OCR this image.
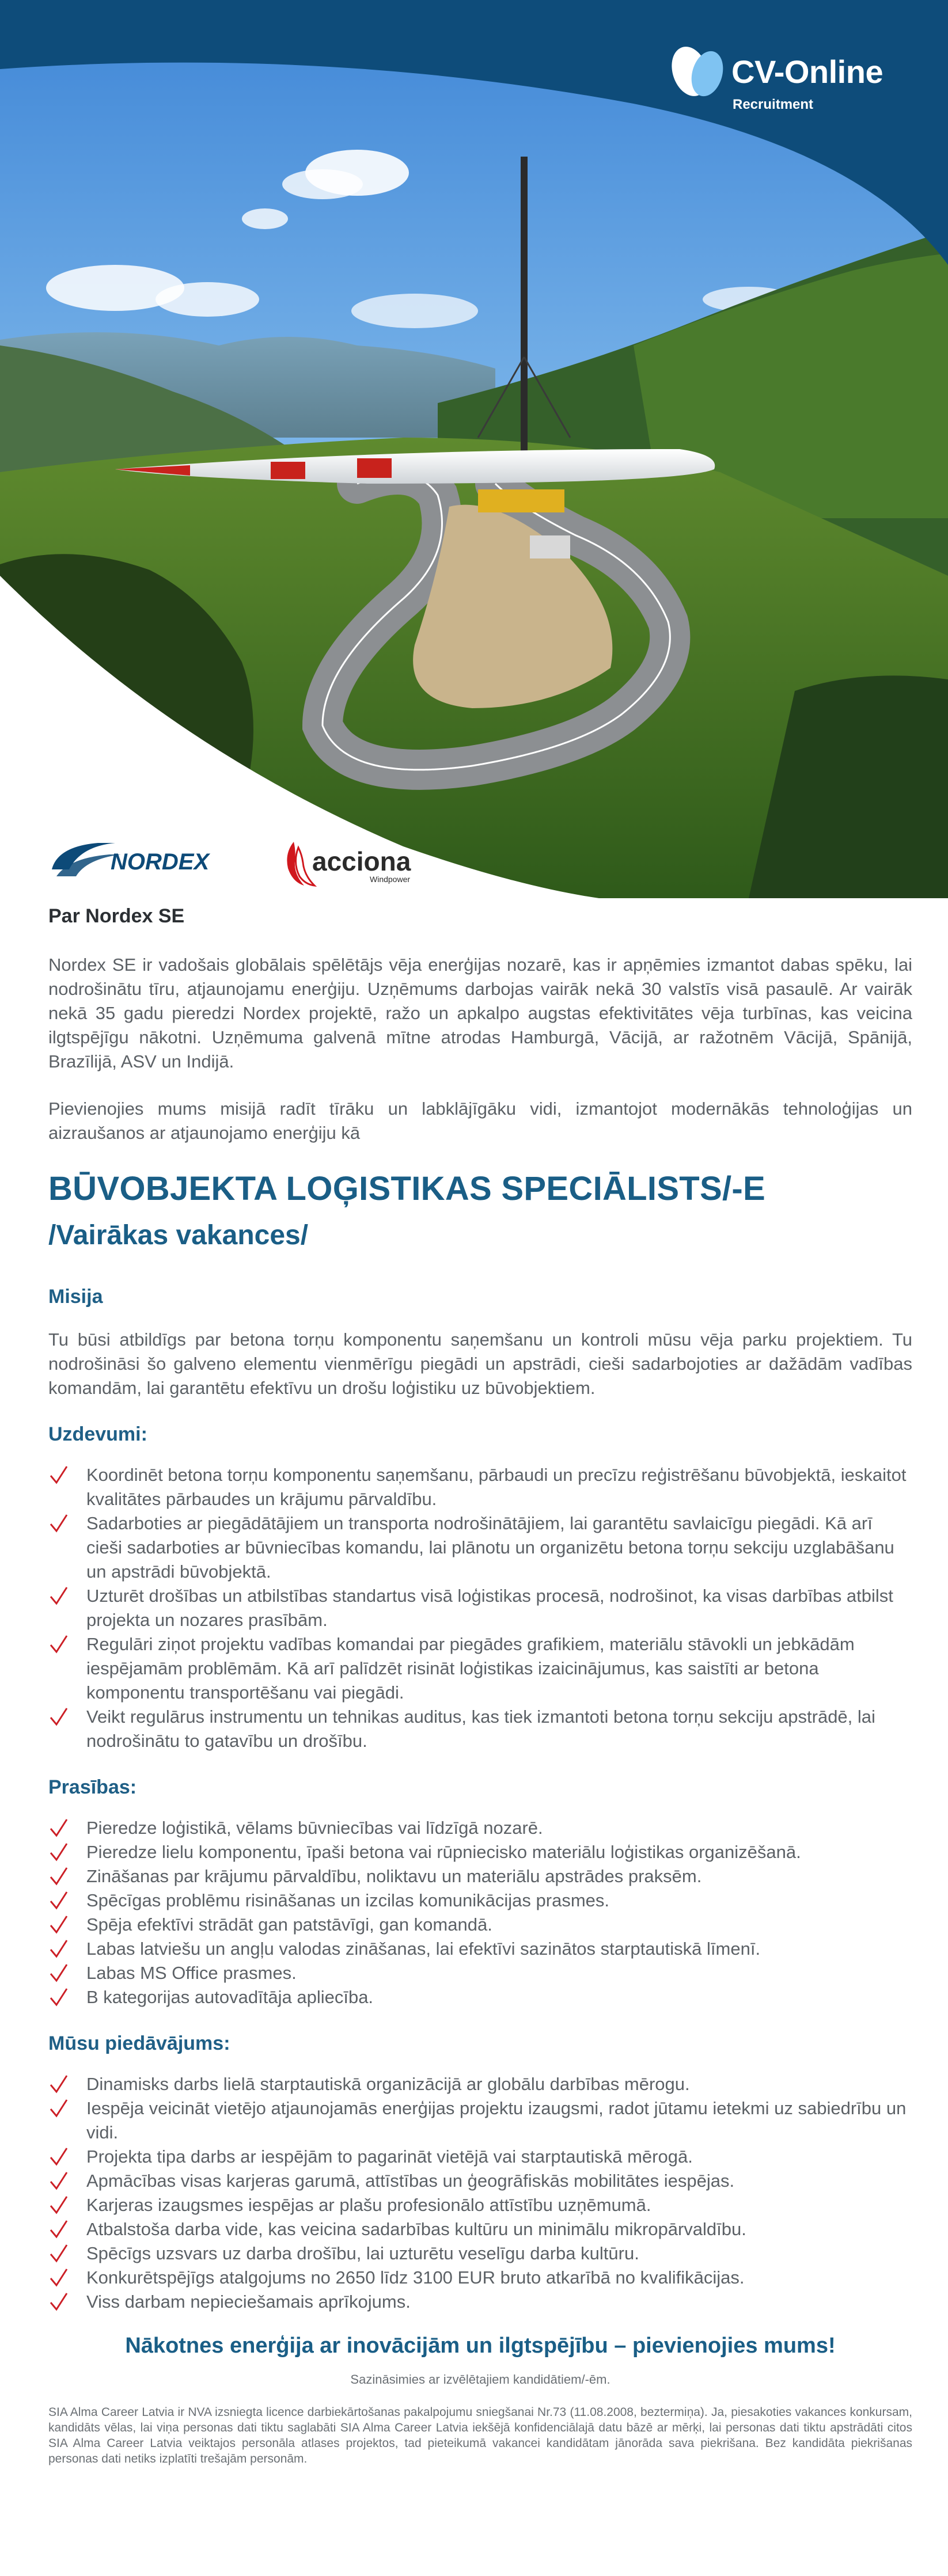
CV-Online
Recruitment
NORDEX	acciona
Windpower
Par Nordex SE

Nordex SE ir vadošais globālais spēlētājs vēja enerģijas nozarē, kas ir apņēmies izmantot dabas spēku, lai nodrošinātu tīru, atjaunojamu enerģiju. Uzņēmums darbojas vairāk nekā 30 valstīs visā pasaulē. Ar vairāk nekā 35 gadu pieredzi Nordex projektē, ražo un apkalpo augstas efektivitātes vēja turbīnas, kas veicina ilgtspējīgu nākotni. Uzņēmuma galvenā mītne atrodas Hamburgā, Vācijā, ar ražotnēm Vācijā, Spānijā, Brazīlijā, ASV un Indijā.

Pievienojies mums misijā radīt tīrāku un labklājīgāku vidi, izmantojot modernākās tehnoloģijas un aizraušanos ar atjaunojamo enerģiju kā

BŪVOBJEKTA LOĢISTIKAS SPECIĀLISTS/-E
/Vairākas vakances/
Misija

Tu būsi atbildīgs par betona torņu komponentu saņemšanu un kontroli mūsu vēja parku projektiem. Tu nodrošināsi šo galveno elementu vienmērīgu piegādi un apstrādi, cieši sadarbojoties ar dažādām vadības komandām, lai garantētu efektīvu un drošu loģistiku uz būvobjektiem.

Uzdevumi:
Koordinēt betona torņu komponentu saņemšanu, pārbaudi un precīzu reģistrēšanu būvobjektā, ieskaitot kvalitātes pārbaudes un krājumu pārvaldību.
Sadarboties ar piegādātājiem un transporta nodrošinātājiem, lai garantētu savlaicīgu piegādi. Kā arī cieši sadarboties ar būvniecības komandu, lai plānotu un organizētu betona torņu sekciju uzglabāšanu un apstrādi būvobjektā.
Uzturēt drošības un atbilstības standartus visā loģistikas procesā, nodrošinot, ka visas darbības atbilst projekta un nozares prasībām.
Regulāri ziņot projektu vadības komandai par piegādes grafikiem, materiālu stāvokli un jebkādām iespējamām problēmām. Kā arī palīdzēt risināt loģistikas izaicinājumus, kas saistīti ar betona komponentu transportēšanu vai piegādi.
Veikt regulārus instrumentu un tehnikas auditus, kas tiek izmantoti betona torņu sekciju apstrādē, lai nodrošinātu to gatavību un drošību.
Prasības:
Pieredze loģistikā, vēlams būvniecības vai līdzīgā nozarē.
Pieredze lielu komponentu, īpaši betona vai rūpniecisko materiālu loģistikas organizēšanā.
Zināšanas par krājumu pārvaldību, noliktavu un materiālu apstrādes praksēm.
Spēcīgas problēmu risināšanas un izcilas komunikācijas prasmes.
Spēja efektīvi strādāt gan patstāvīgi, gan komandā.
Labas latviešu un angļu valodas zināšanas, lai efektīvi sazinātos starptautiskā līmenī.
Labas MS Office prasmes.
B kategorijas autovadītāja apliecība.
Mūsu piedāvājums:
Dinamisks darbs lielā starptautiskā organizācijā ar globālu darbības mērogu.
Iespēja veicināt vietējo atjaunojamās enerģijas projektu izaugsmi, radot jūtamu ietekmi uz sabiedrību un vidi.
Projekta tipa darbs ar iespējām to pagarināt vietējā vai starptautiskā mērogā.
Apmācības visas karjeras garumā, attīstības un ģeogrāfiskās mobilitātes iespējas.
Karjeras izaugsmes iespējas ar plašu profesionālo attīstību uzņēmumā.
Atbalstoša darba vide, kas veicina sadarbības kultūru un minimālu mikropārvaldību.
Spēcīgs uzsvars uz darba drošību, lai uzturētu veselīgu darba kultūru.
Konkurētspējīgs atalgojums no 2650 līdz 3100 EUR bruto atkarībā no kvalifikācijas.
Viss darbam nepieciešamais aprīkojums.

Nākotnes enerģija ar inovācijām un ilgtspējību – pievienojies mums!

Sazināsimies ar izvēlētajiem kandidātiem/-ēm.

SIA Alma Career Latvia ir NVA izsniegta licence darbiekārtošanas pakalpojumu sniegšanai Nr.73 (11.08.2008, beztermiņa). Ja, piesakoties vakances konkursam, kandidāts vēlas, lai viņa personas dati tiktu saglabāti SIA Alma Career Latvia iekšējā konfidenciālajā datu bāzē ar mērķi, lai personas dati tiktu apstrādāti citos SIA Alma Career Latvia veiktajos personāla atlases projektos, tad pieteikumā vakancei kandidātam jānorāda sava piekrišana. Bez kandidāta piekrišanas personas dati netiks izplatīti trešajām personām.
